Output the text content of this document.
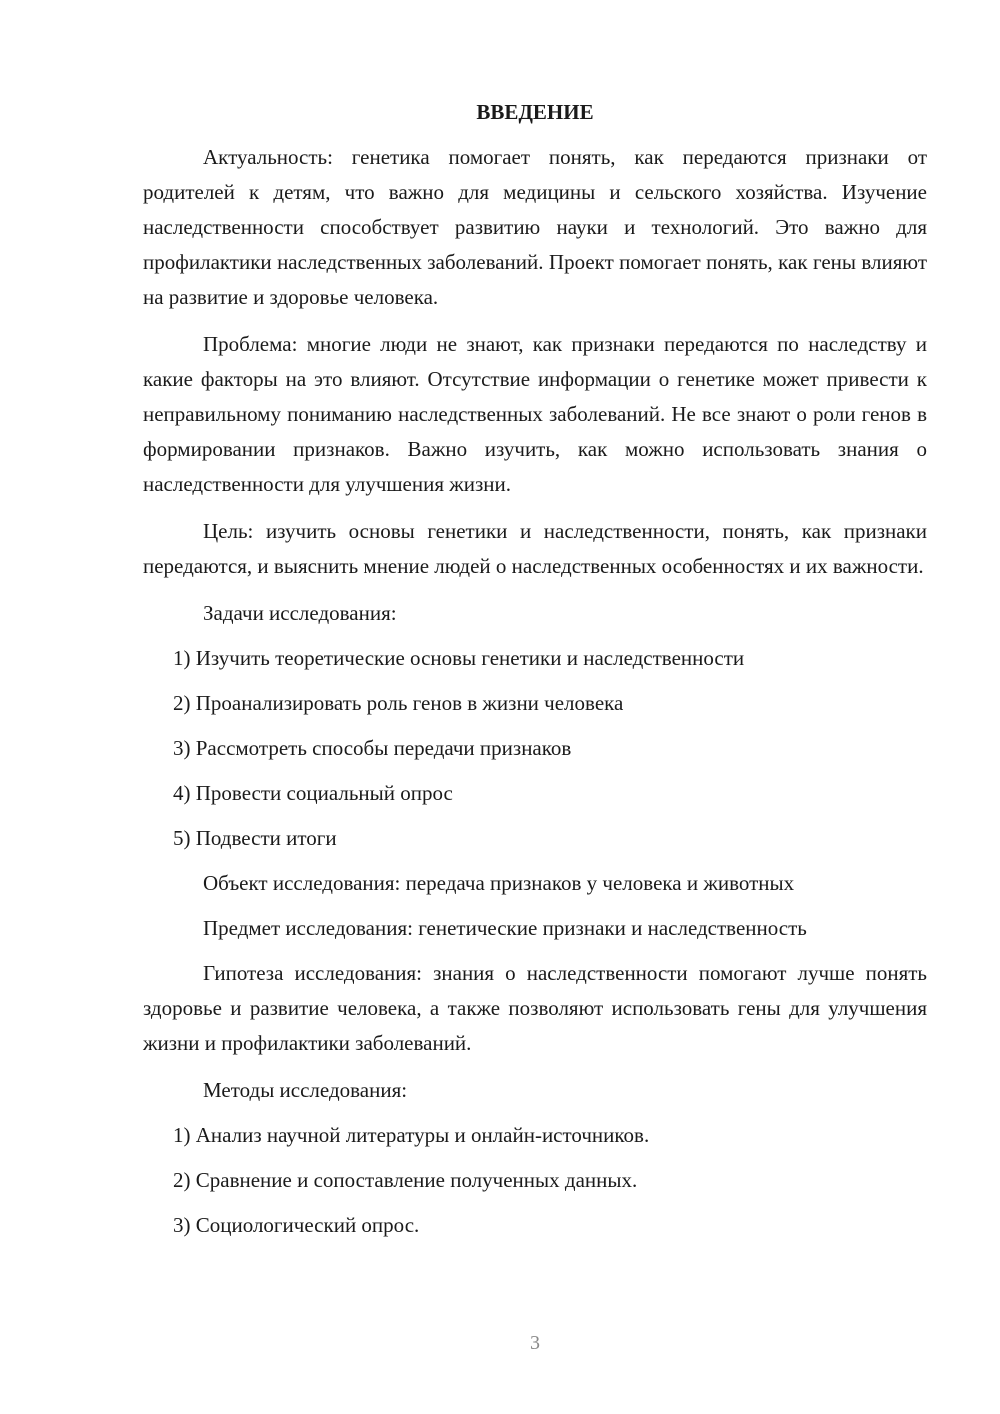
ВВЕДЕНИЕ

Актуальность: генетика помогает понять, как передаются признаки от родителей к детям, что важно для медицины и сельского хозяйства. Изучение наследственности способствует развитию науки и технологий. Это важно для профилактики наследственных заболеваний. Проект помогает понять, как гены влияют на развитие и здоровье человека.

Проблема: многие люди не знают, как признаки передаются по наследству и какие факторы на это влияют. Отсутствие информации о генетике может привести к неправильному пониманию наследственных заболеваний. Не все знают о роли генов в формировании признаков. Важно изучить, как можно использовать знания о наследственности для улучшения жизни.

Цель: изучить основы генетики и наследственности, понять, как признаки передаются, и выяснить мнение людей о наследственных особенностях и их важности.

Задачи исследования:

1) Изучить теоретические основы генетики и наследственности
2) Проанализировать роль генов в жизни человека
3) Рассмотреть способы передачи признаков
4) Провести социальный опрос
5) Подвести итоги

Объект исследования: передача признаков у человека и животных

Предмет исследования: генетические признаки и наследственность

Гипотеза исследования: знания о наследственности помогают лучше понять здоровье и развитие человека, а также позволяют использовать гены для улучшения жизни и профилактики заболеваний.

Методы исследования:

1) Анализ научной литературы и онлайн-источников.
2) Сравнение и сопоставление полученных данных.
3) Социологический опрос.
3
